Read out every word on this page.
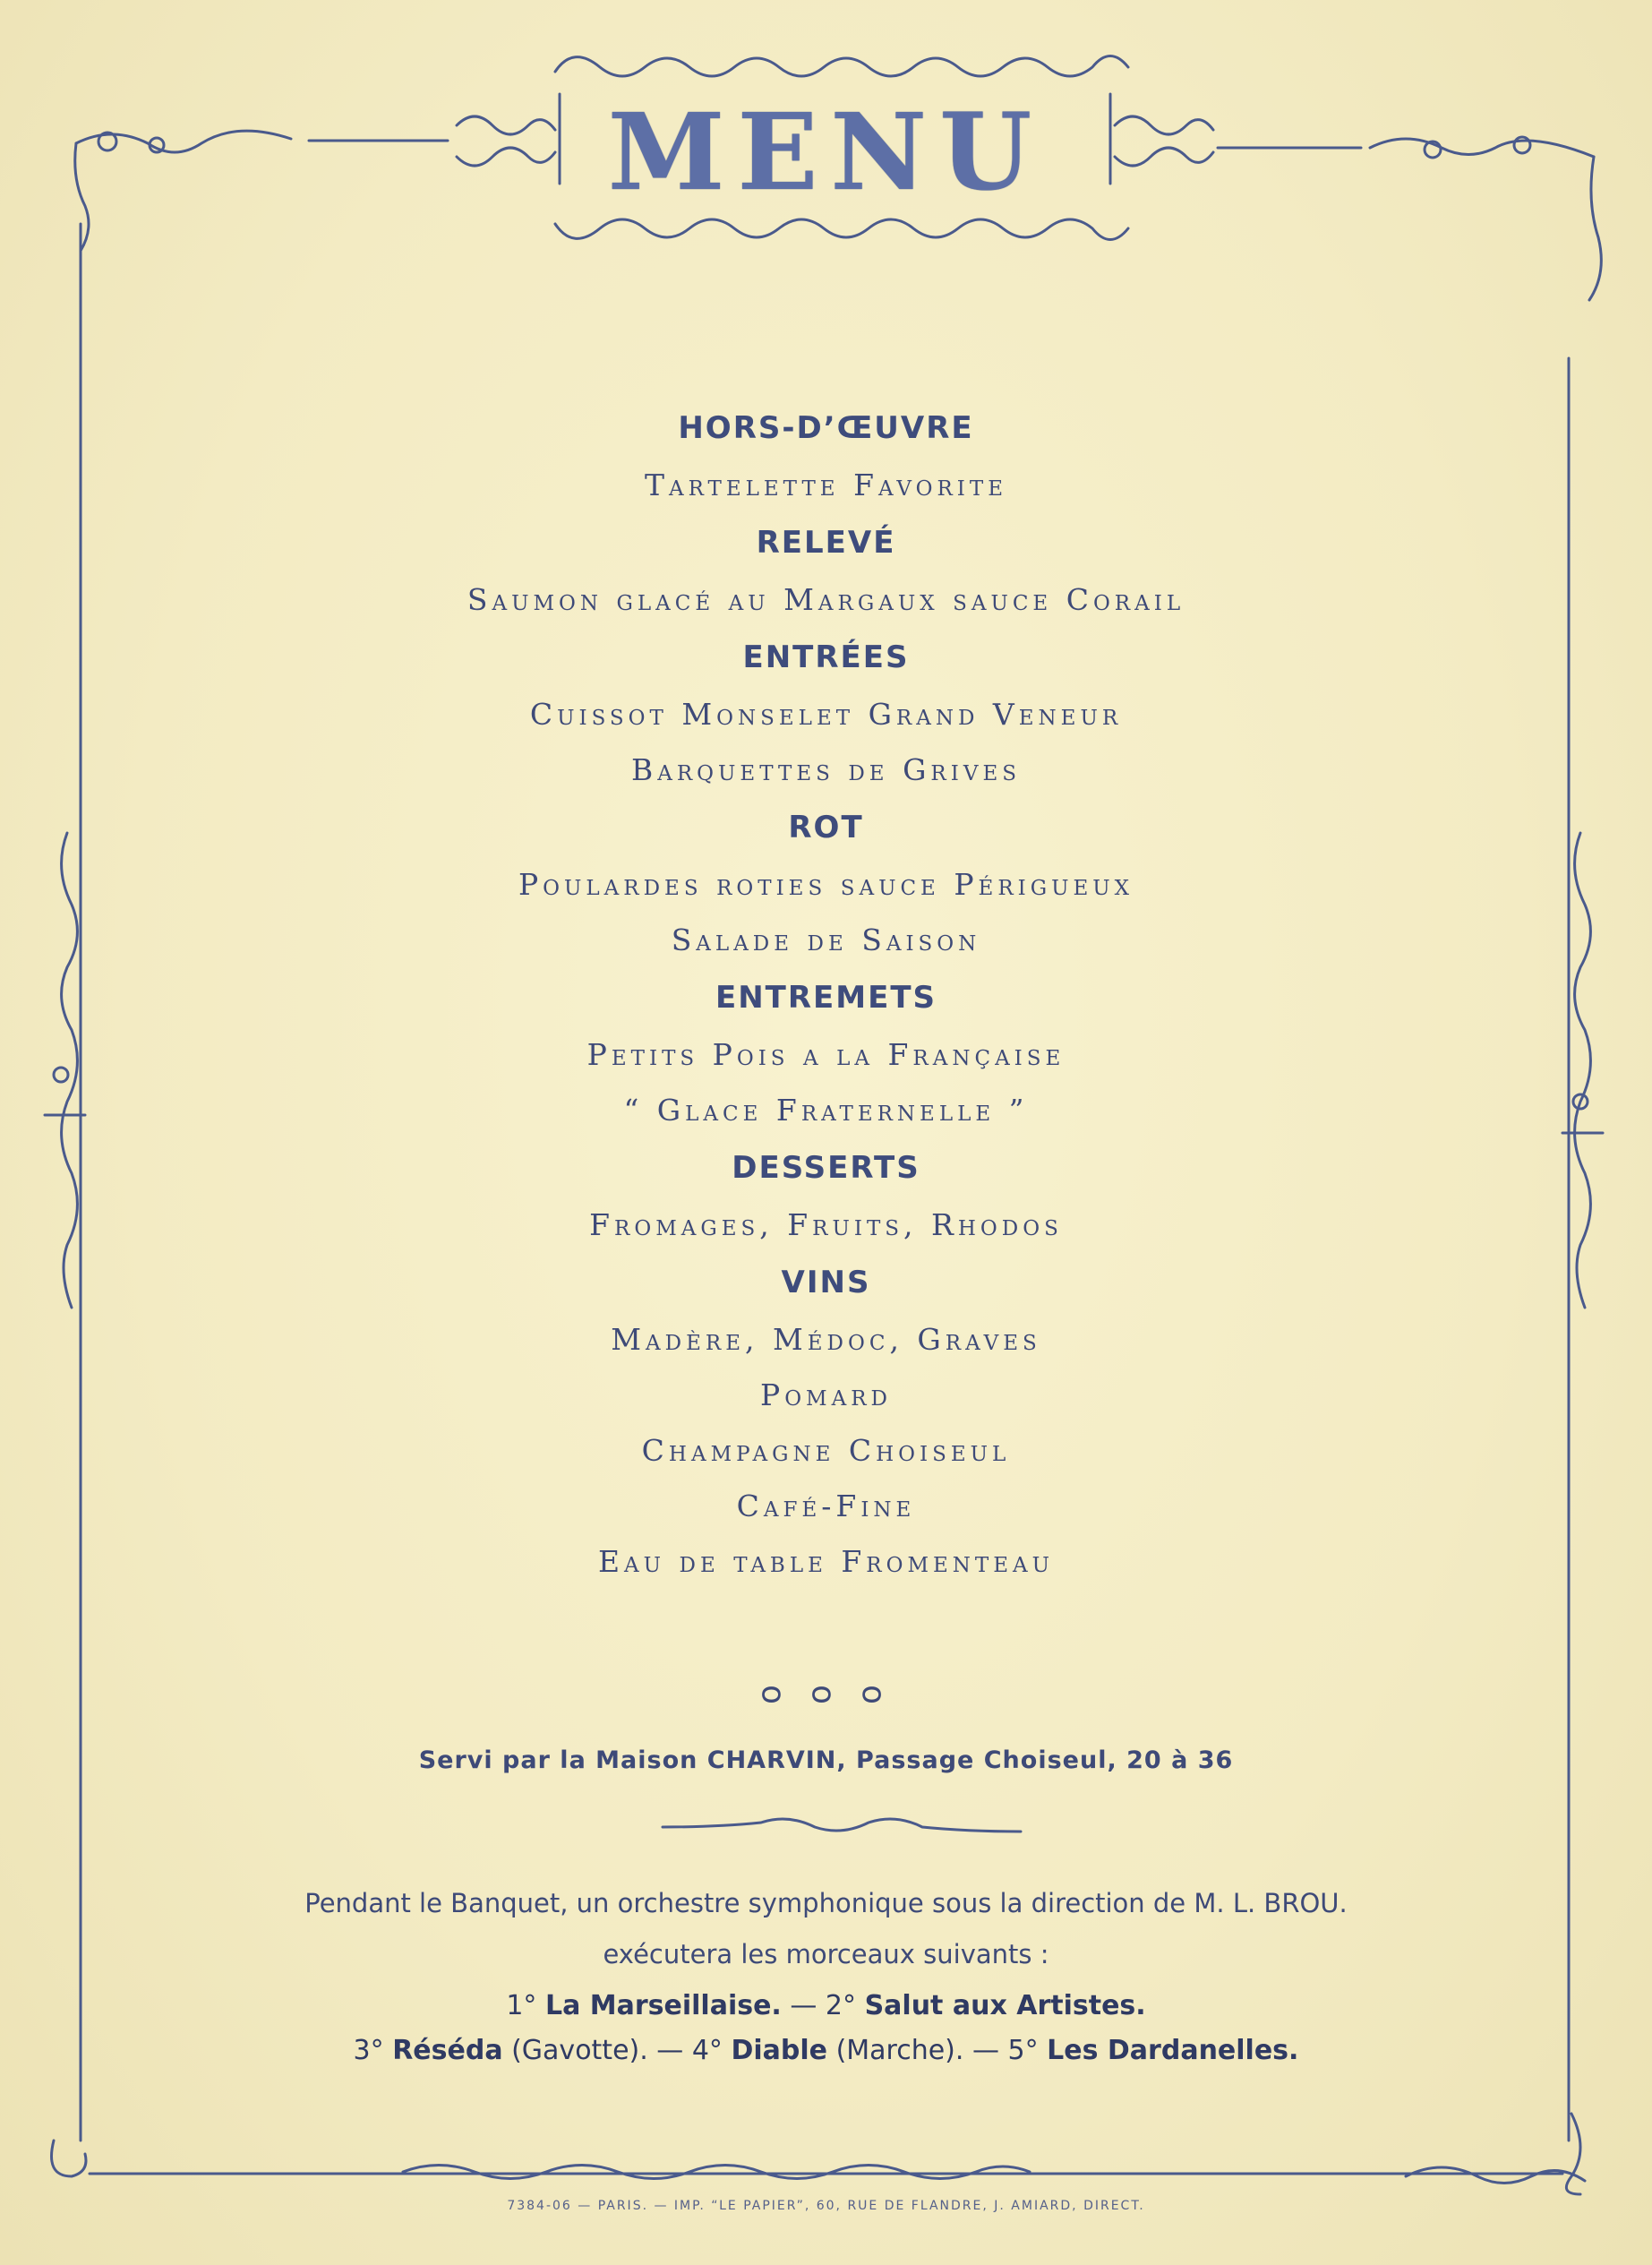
MENU
HORS-D’ŒUVRE
Tartelette Favorite
RELEVÉ
Saumon glacé au Margaux sauce Corail
ENTRÉES
Cuissot Monselet Grand Veneur
Barquettes de Grives
ROT
Poulardes roties sauce Périgueux
Salade de Saison
ENTREMETS
Petits Pois a la Française
“ Glace Fraternelle ”
DESSERTS
Fromages, Fruits, Rhodos
VINS
Madère, Médoc, Graves
Pomard
Champagne Choiseul
Café-Fine
Eau de table Fromenteau
ᴑ ᴑ ᴑ
Servi par la Maison CHARVIN, Passage Choiseul, 20 à 36
Pendant le Banquet, un orchestre symphonique sous la direction de M. L. BROU.
exécutera les morceaux suivants :
1° La Marseillaise. — 2° Salut aux Artistes.
3° Réséda (Gavotte). — 4° Diable (Marche). — 5° Les Dardanelles.
7384-06 — PARIS. — IMP. “LE PAPIER”, 60, RUE DE FLANDRE, J. AMIARD, DIRECT.
